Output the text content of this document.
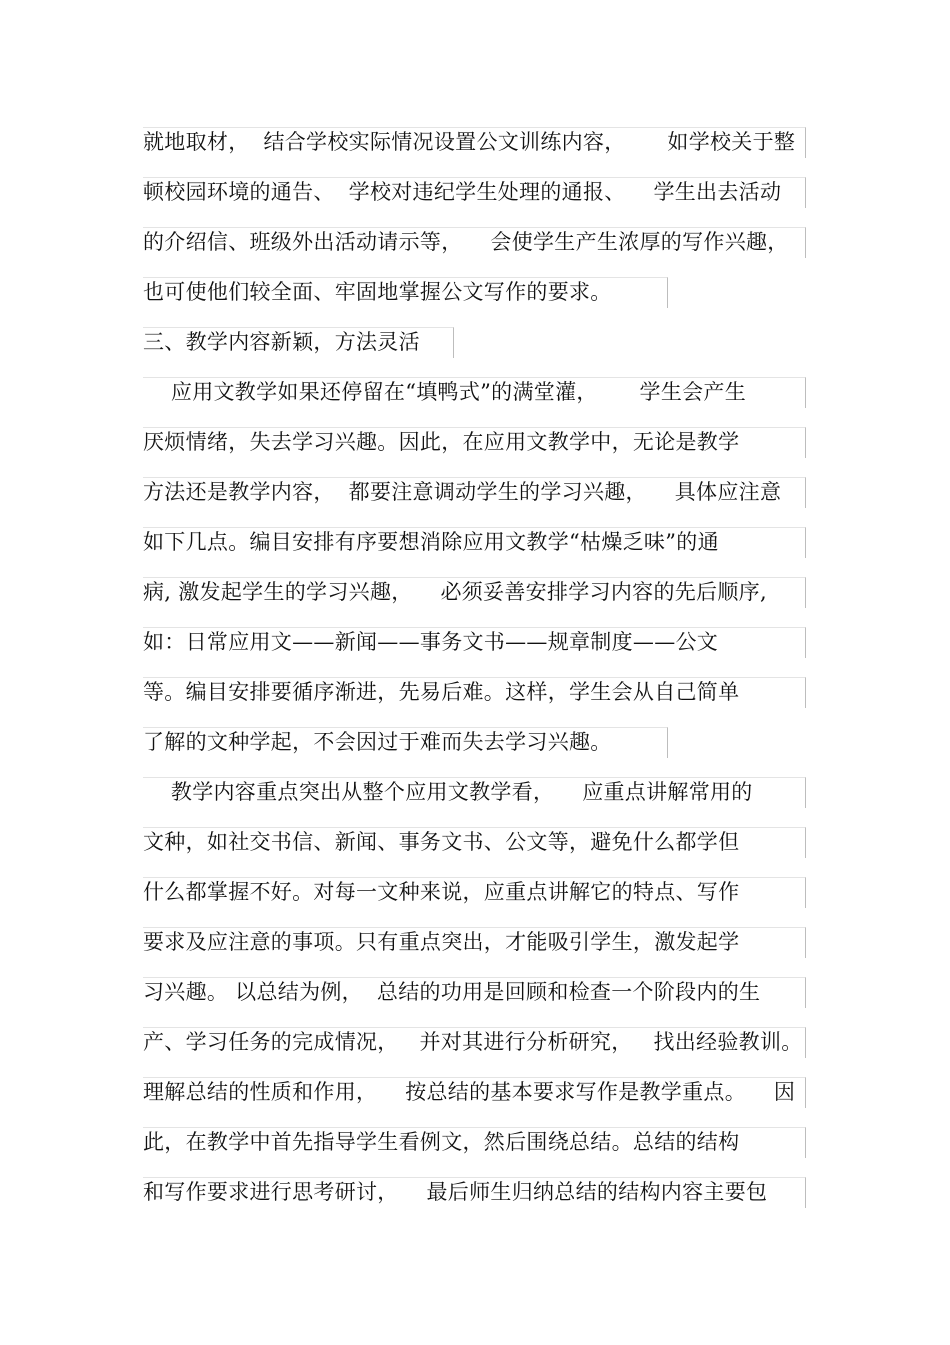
就地取材，  结合学校实际情况设置公文训练内容，      如学校关于整
顿校园环境的通告、  学校对违纪学生处理的通报、    学生出去活动
的介绍信、班级外出活动请示等，    会使学生产生浓厚的写作兴趣，
也可使他们较全面、牢固地掌握公文写作的要求。
三、教学内容新颖，方法灵活
应用文教学如果还停留在“填鸭式”的满堂灌，      学生会产生
厌烦情绪，失去学习兴趣。因此，在应用文教学中，无论是教学
方法还是教学内容，  都要注意调动学生的学习兴趣，    具体应注意
如下几点。编目安排有序要想消除应用文教学“枯燥乏味”的通
病, 激发起学生的学习兴趣，    必须妥善安排学习内容的先后顺序,
如：日常应用文——新闻——事务文书——规章制度——公文
等。编目安排要循序渐进，先易后难。这样，学生会从自己简单
了解的文种学起，不会因过于难而失去学习兴趣。
教学内容重点突出从整个应用文教学看，    应重点讲解常用的
文种，如社交书信、新闻、事务文书、公文等，避免什么都学但
什么都掌握不好。对每一文种来说，应重点讲解它的特点、写作
要求及应注意的事项。只有重点突出，才能吸引学生，激发起学
习兴趣。 以总结为例，  总结的功用是回顾和检查一个阶段内的生
产、学习任务的完成情况，   并对其进行分析研究，   找出经验教训。
理解总结的性质和作用，    按总结的基本要求写作是教学重点。    因
此，在教学中首先指导学生看例文，然后围绕总结。总结的结构
和写作要求进行思考研讨，    最后师生归纳总结的结构内容主要包
